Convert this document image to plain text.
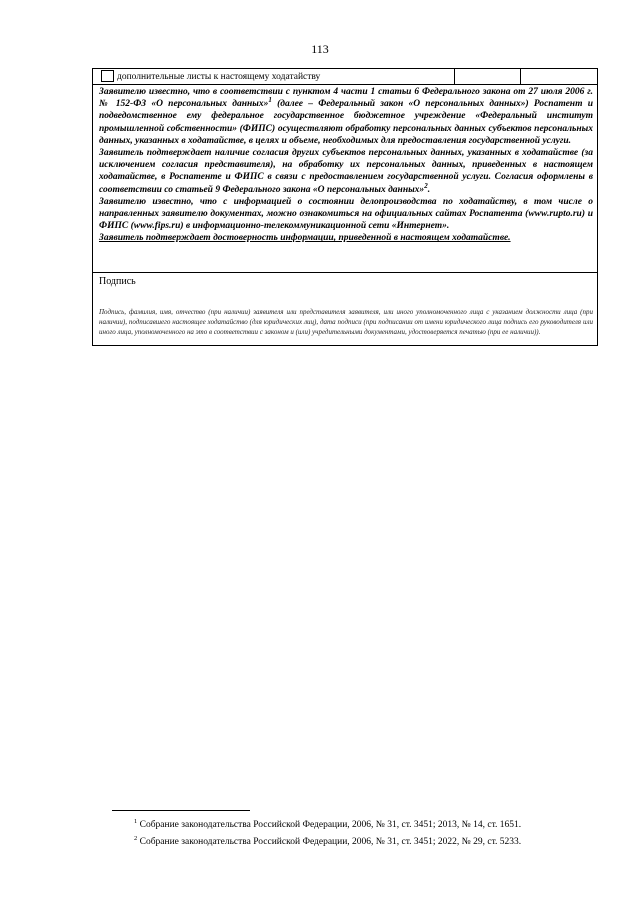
113
дополнительные листы к настоящему ходатайству

Заявителю известно, что в соответствии с пунктом 4 части 1 статьи 6 Федерального закона от 27 июля 2006 г. № 152-ФЗ «О персональных данных»$^1$ (далее – Федеральный закон «О персональных данных») Роспатент и подведомственное ему федеральное государственное бюджетное учреждение «Федеральный институт промышленной собственности» (ФИПС) осуществляют обработку персональных данных субъектов персональных данных, указанных в ходатайстве, в целях и объеме, необходимых для предоставления государственной услуги.

Заявитель подтверждает наличие согласия других субъектов персональных данных, указанных в ходатайстве (за исключением согласия представителя), на обработку их персональных данных, приведенных в настоящем ходатайстве, в Роспатенте и ФИПС в связи с предоставлением государственной услуги. Согласия оформлены в соответствии со статьей 9 Федерального закона «О персональных данных»$^2$.

Заявителю известно, что с информацией о состоянии делопроизводства по ходатайству, в том числе о направленных заявителю документах, можно ознакомиться на официальных сайтах Роспатента (www.rupto.ru) и ФИПС (www.fips.ru) в информационно-телекоммуникационной сети «Интернет».

Заявитель подтверждает достоверность информации, приведенной в настоящем ходатайстве.

Подпись
Подпись, фамилия, имя, отчество (при наличии) заявителя или представителя заявителя, или иного уполномоченного лица с указанием должности лица (при наличии), подписавшего настоящее ходатайство (для юридических лиц), дата подписи (при подписании от имени юридического лица подпись его руководителя или иного лица, уполномоченного на это в соответствии с законом и (или) учредительными документами, удостоверяется печатью (при ее наличии)).
$^1$ Собрание законодательства Российской Федерации, 2006, № 31, ст. 3451; 2013, № 14, ст. 1651.
$^2$ Собрание законодательства Российской Федерации, 2006, № 31, ст. 3451; 2022, № 29, ст. 5233.
